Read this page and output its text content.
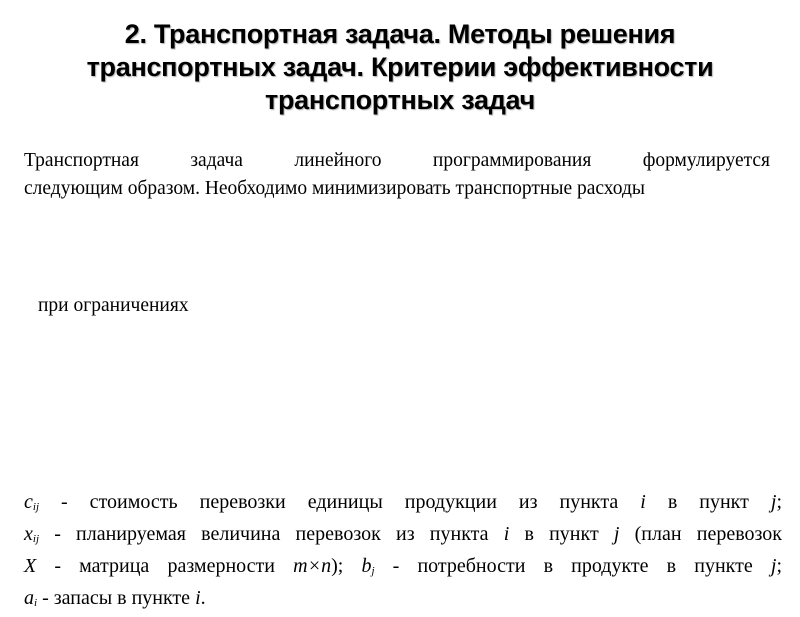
2. Транспортная задача. Методы решения
транспортных задач. Критерии эффективности
транспортных задач
Транспортная задача линейного программирования формулируется
следующим образом. Необходимо минимизировать транспортные расходы
при ограничениях
$c_{ij}$ - стоимость перевозки единицы продукции из пункта i в пункт j;
$x_{ij}$ - планируемая величина перевозок из пункта i в пункт j (план перевозок
X - матрица размерности m×n); $b_j$ - потребности в продукте в пункте j;
$a_i$ - запасы в пункте i.
